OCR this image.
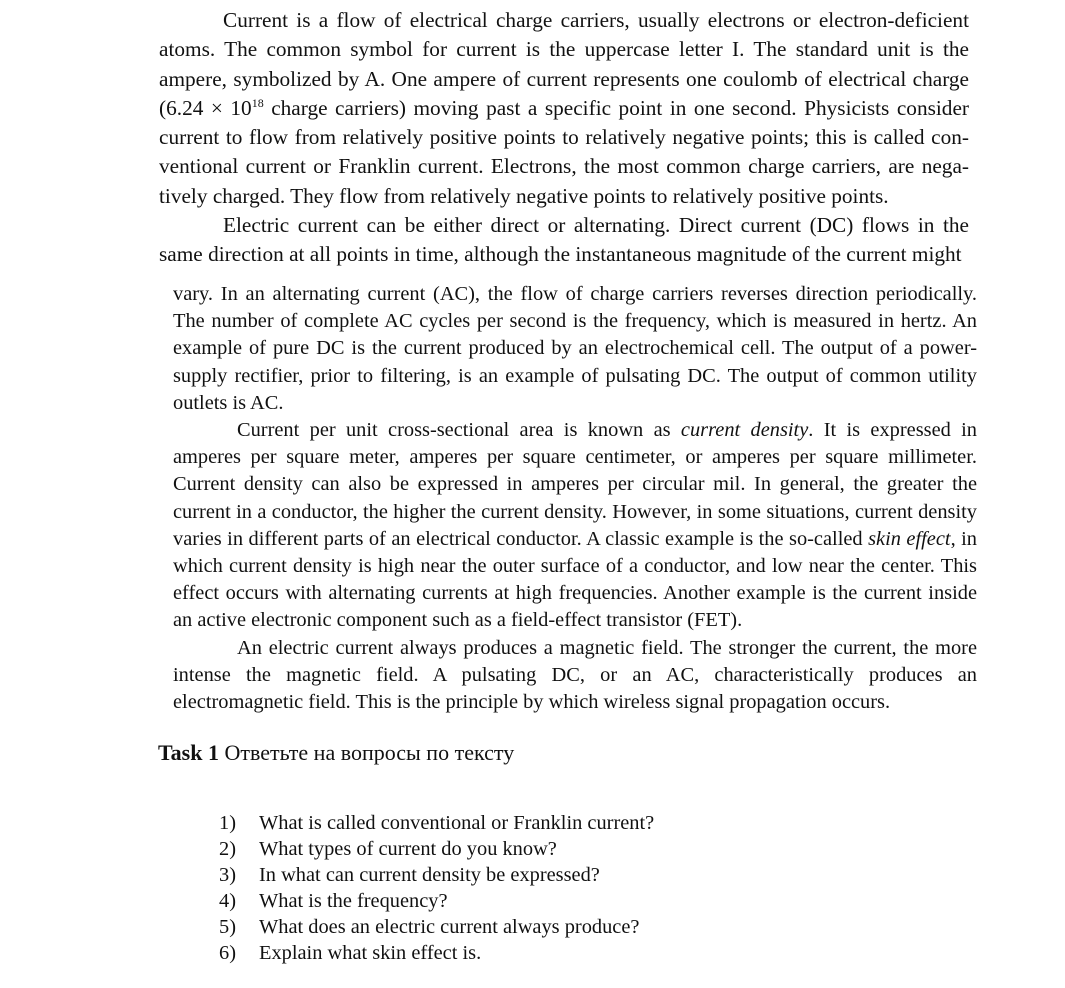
Current is a flow of electrical charge carriers, usually electrons or electron-deficient atoms. The common symbol for current is the uppercase letter I. The standard unit is the ampere, symbolized by A. One ampere of current represents one coulomb of electrical charge ($6.24 \times 10^{18}$ charge carriers) moving past a specific point in one second. Physicists consider current to flow from relatively positive points to relatively negative points; this is called conventional current or Franklin current. Electrons, the most common charge carriers, are negatively charged. They flow from relatively negative points to relatively positive points.

Electric current can be either direct or alternating. Direct current (DC) flows in the same direction at all points in time, although the instantaneous magnitude of the current might

vary. In an alternating current (AC), the flow of charge carriers reverses direction periodically. The number of complete AC cycles per second is the frequency, which is measured in hertz. An example of pure DC is the current produced by an electrochemical cell. The output of a power-supply rectifier, prior to filtering, is an example of pulsating DC. The output of common utility outlets is AC.

Current per unit cross-sectional area is known as current density. It is expressed in amperes per square meter, amperes per square centimeter, or amperes per square millimeter. Current density can also be expressed in amperes per circular mil. In general, the greater the current in a conductor, the higher the current density. However, in some situations, current density varies in different parts of an electrical conductor. A classic example is the so-called skin effect, in which current density is high near the outer surface of a conductor, and low near the center. This effect occurs with alternating currents at high frequencies. Another example is the current inside an active electronic component such as a field-effect transistor (FET).

An electric current always produces a magnetic field. The stronger the current, the more intense the magnetic field. A pulsating DC, or an AC, characteristically produces an electromagnetic field. This is the principle by which wireless signal propagation occurs.

Task 1 Ответьте на вопросы по тексту
1)	What is called conventional or Franklin current?
2)	What types of current do you know?
3)	In what can current density be expressed?
4)	What is the frequency?
5)	What does an electric current always produce?
6)	Explain what skin effect is.
